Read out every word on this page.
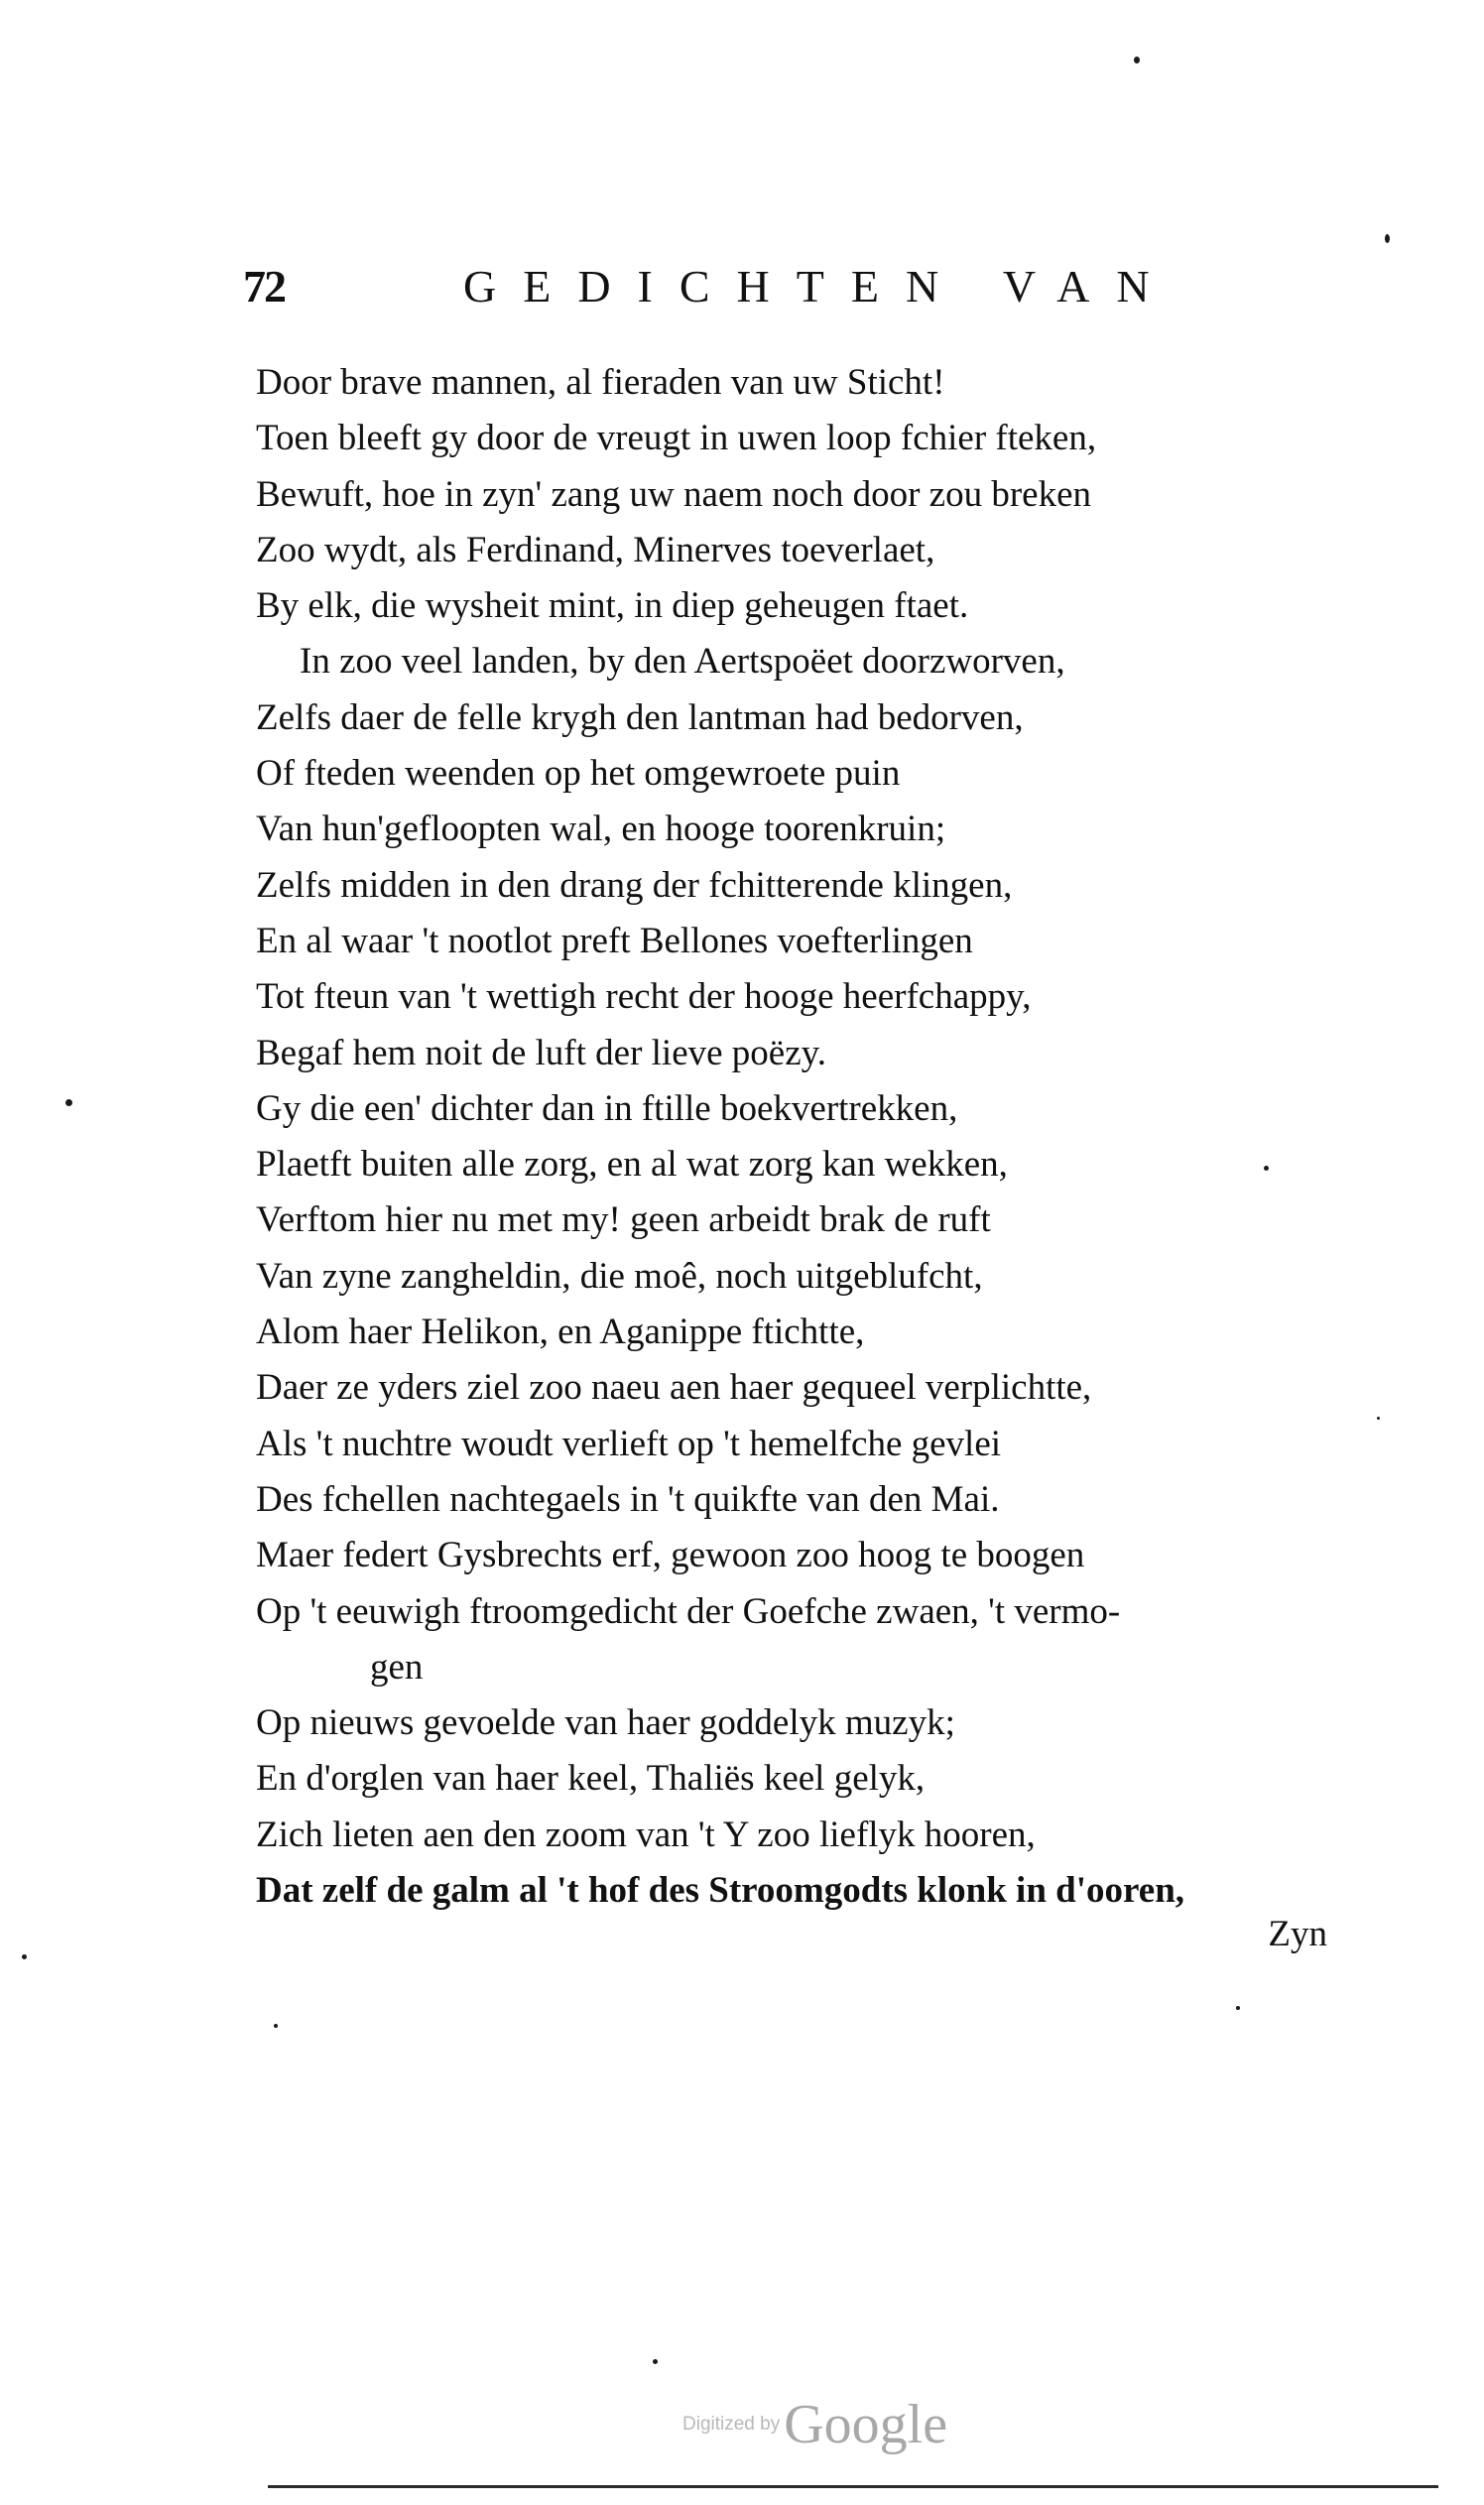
72	GEDICHTEN VAN
Door brave mannen, al fieraden van uw Sticht!
Toen bleeft gy door de vreugt in uwen loop fchier fteken,
Bewuft, hoe in zyn' zang uw naem noch door zou breken
Zoo wydt, als Ferdinand, Minerves toeverlaet,
By elk, die wysheit mint, in diep geheugen ftaet.
In zoo veel landen, by den Aertspoëet doorzworven,
Zelfs daer de felle krygh den lantman had bedorven,
Of fteden weenden op het omgewroete puin
Van hun'gefloopten wal, en hooge toorenkruin;
Zelfs midden in den drang der fchitterende klingen,
En al waar 't nootlot preft Bellones voefterlingen
Tot fteun van 't wettigh recht der hooge heerfchappy,
Begaf hem noit de luft der lieve poëzy.
Gy die een' dichter dan in ftille boekvertrekken,
Plaetft buiten alle zorg, en al wat zorg kan wekken,
Verftom hier nu met my! geen arbeidt brak de ruft
Van zyne zangheldin, die moê, noch uitgeblufcht,
Alom haer Helikon, en Aganippe ftichtte,
Daer ze yders ziel zoo naeu aen haer gequeel verplichtte,
Als 't nuchtre woudt verlieft op 't hemelfche gevlei
Des fchellen nachtegaels in 't quikfte van den Mai.
Maer federt Gysbrechts erf, gewoon zoo hoog te boogen
Op 't eeuwigh ftroomgedicht der Goefche zwaen, 't vermo-
gen
Op nieuws gevoelde van haer goddelyk muzyk;
En d'orglen van haer keel, Thaliës keel gelyk,
Zich lieten aen den zoom van 't Y zoo lieflyk hooren,
Dat zelf de galm al 't hof des Stroomgodts klonk in d'ooren,
Zyn
Digitized by Google
